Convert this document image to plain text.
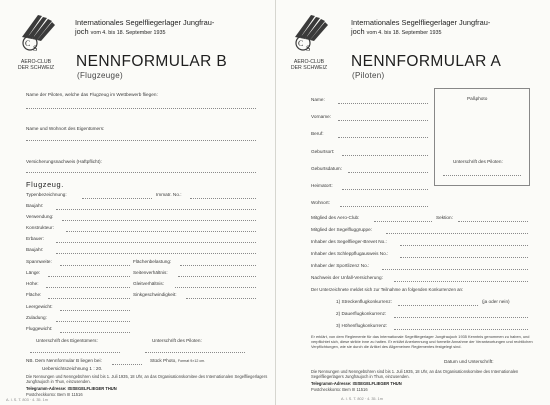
C
S
AERO-CLUB
DER SCHWEIZ
Internationales Segelfliegerlager Jungfrau-
joch vom 4. bis 18. September 1935
NENNFORMULAR B
(Flugzeuge)
Name der Piloten, welche das Flugzeug im Wettbewerb fliegen:
Name und Wohnort des Eigentümers:
Versicherungsnachweis (Haftpflicht):
Flugzeug.
Typenbezeichnung:	Immatr. No.:
Baujahr:
Verwendung:
Konstrukteur:
Erbauer:
Baujahr:
Spannweite:	Flächenbelastung:
Länge:	Seitenverhältnis:
Höhe:	Gleitverhältnis:
Fläche:	Sinkgeschwindigkeit:
Leergewicht:
Zuladung:
Fluggewicht:
Unterschrift des Eigentümers:	Unterschrift des Piloten:
NB. Dem Nennformular B liegen bei:	Stück Photo, Format 9×12 cm.
Uebersichtszeichnung 1 : 20.
Die Nennungen und Nenngebühren sind bis 1. Juli 1935, 18 Uhr, an das Organisationskomitee des Internationalen Segelfliegerlagers Jungfraujoch in Thun, einzusenden.
Telegramm-Adresse: ISISEGELFLIEGER THUN
Postcheckkonto: Bern III 11516
A. I. S. T. 803 · 4. 35. 1m
C
S
AERO-CLUB
DER SCHWEIZ
Internationales Segelfliegerlager Jungfrau-
joch vom 4. bis 18. September 1935
NENNFORMULAR A
(Piloten)
Paßphoto
Unterschrift des Piloten:
Name:
Vorname:
Beruf:
Geburtsort:
Geburtsdatum:
Heimatort:
Wohnort:
Mitglied des Aero-Club:	Sektion:
Mitglied der Segelfluggruppe:
Inhaber des Segelflieger-Brevet No.:
Inhaber des Schleppflugausweis No.:
Inhaber der Sportlizenz No.:
Nachweis der Unfall-Versicherung:
Der Unterzeichnete meldet sich zur Teilnahme an folgenden Konkurrenzen an:
1) Streckenflugkonkurrenz:	(ja oder nein)
2) Dauerflugkonkurrenz:
3) Höhenflugkonkurrenz:
Er erklärt, von dem Reglemente für das Internationale Segelfliegerlager Jungfraujoch 1935 Kenntnis genommen zu haben, und verpflichtet sich, diese strikte inne zu halten. Er erklärt Anerkennung und formelle Annahme der Verantwortungen und rechtlichen Verpflichtungen, wie sie durch die Artikel des Allgemeinen Reglementes festgelegt sind.
Datum und Unterschrift:
Die Nennungen und Nenngebühren sind bis 1. Juli 1935, 18 Uhr, an das Organisationskomitee des Internationalen Segelfliegerlagers Jungfraujoch in Thun, einzusenden.
Telegramm-Adresse: ISISEGELFLIEGER THUN
Postcheckkonto: Bern III 11516
A. I. S. T. 802 · 4. 35. 1m
